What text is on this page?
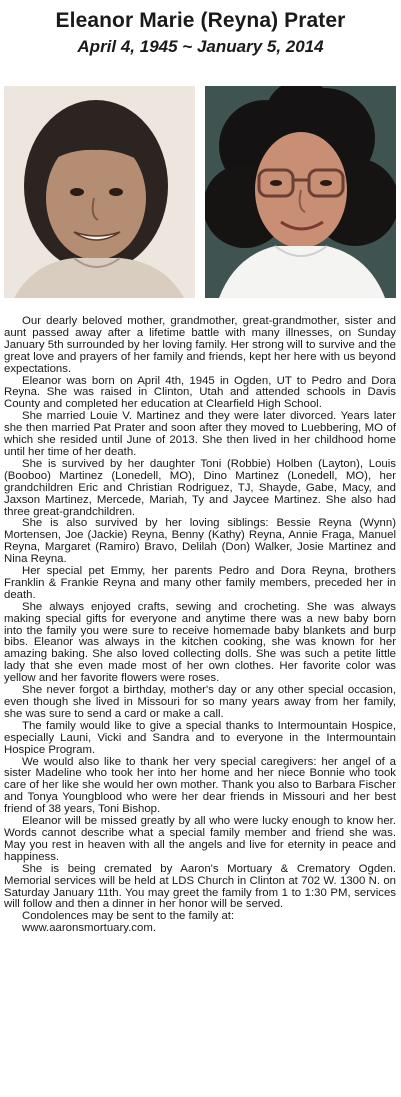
Eleanor Marie (Reyna) Prater
April 4, 1945 ~ January 5, 2014

Our dearly beloved mother, grandmother, great-grandmother, sister and aunt passed away after a lifetime battle with many illnesses, on Sunday January 5th surrounded by her loving family. Her strong will to survive and the great love and prayers of her family and friends, kept her here with us beyond expectations.

Eleanor was born on April 4th, 1945 in Ogden, UT to Pedro and Dora Reyna. She was raised in Clinton, Utah and attended schools in Davis County and completed her education at Clearfield High School.

She married Louie V. Martinez and they were later divorced. Years later she then married Pat Prater and soon after they moved to Luebbering, MO of which she resided until June of 2013. She then lived in her childhood home until her time of her death.

She is survived by her daughter Toni (Robbie) Holben (Layton), Louis (Booboo) Martinez (Lonedell, MO), Dino Martinez (Lonedell, MO), her grandchildren Eric and Christian Rodriguez, TJ, Shayde, Gabe, Macy, and Jaxson Martinez, Mercede, Mariah, Ty and Jaycee Martinez. She also had three great-grandchildren.

She is also survived by her loving siblings: Bessie Reyna (Wynn) Mortensen, Joe (Jackie) Reyna, Benny (Kathy) Reyna, Annie Fraga, Manuel Reyna, Margaret (Ramiro) Bravo, Delilah (Don) Walker, Josie Martinez and Nina Reyna.

Her special pet Emmy, her parents Pedro and Dora Reyna, brothers Franklin & Frankie Reyna and many other family members, preceded her in death.

She always enjoyed crafts, sewing and crocheting. She was always making special gifts for everyone and anytime there was a new baby born into the family you were sure to receive homemade baby blankets and burp bibs. Eleanor was always in the kitchen cooking, she was known for her amazing baking. She also loved collecting dolls. She was such a petite little lady that she even made most of her own clothes. Her favorite color was yellow and her favorite flowers were roses.

She never forgot a birthday, mother's day or any other special occasion, even though she lived in Missouri for so many years away from her family, she was sure to send a card or make a call.

The family would like to give a special thanks to Intermountain Hospice, especially Launi, Vicki and Sandra and to everyone in the Intermountain Hospice Program.

We would also like to thank her very special caregivers: her angel of a sister Madeline who took her into her home and her niece Bonnie who took care of her like she would her own mother. Thank you also to Barbara Fischer and Tonya Youngblood who were her dear friends in Missouri and her best friend of 38 years, Toni Bishop.

Eleanor will be missed greatly by all who were lucky enough to know her. Words cannot describe what a special family member and friend she was. May you rest in heaven with all the angels and live for eternity in peace and happiness.

She is being cremated by Aaron's Mortuary & Crematory Ogden. Memorial services will be held at LDS Church in Clinton at 702 W. 1300 N. on Saturday January 11th. You may greet the family from 1 to 1:30 PM, services will follow and then a dinner in her honor will be served.

Condolences may be sent to the family at:
www.aaronsmortuary.com.
